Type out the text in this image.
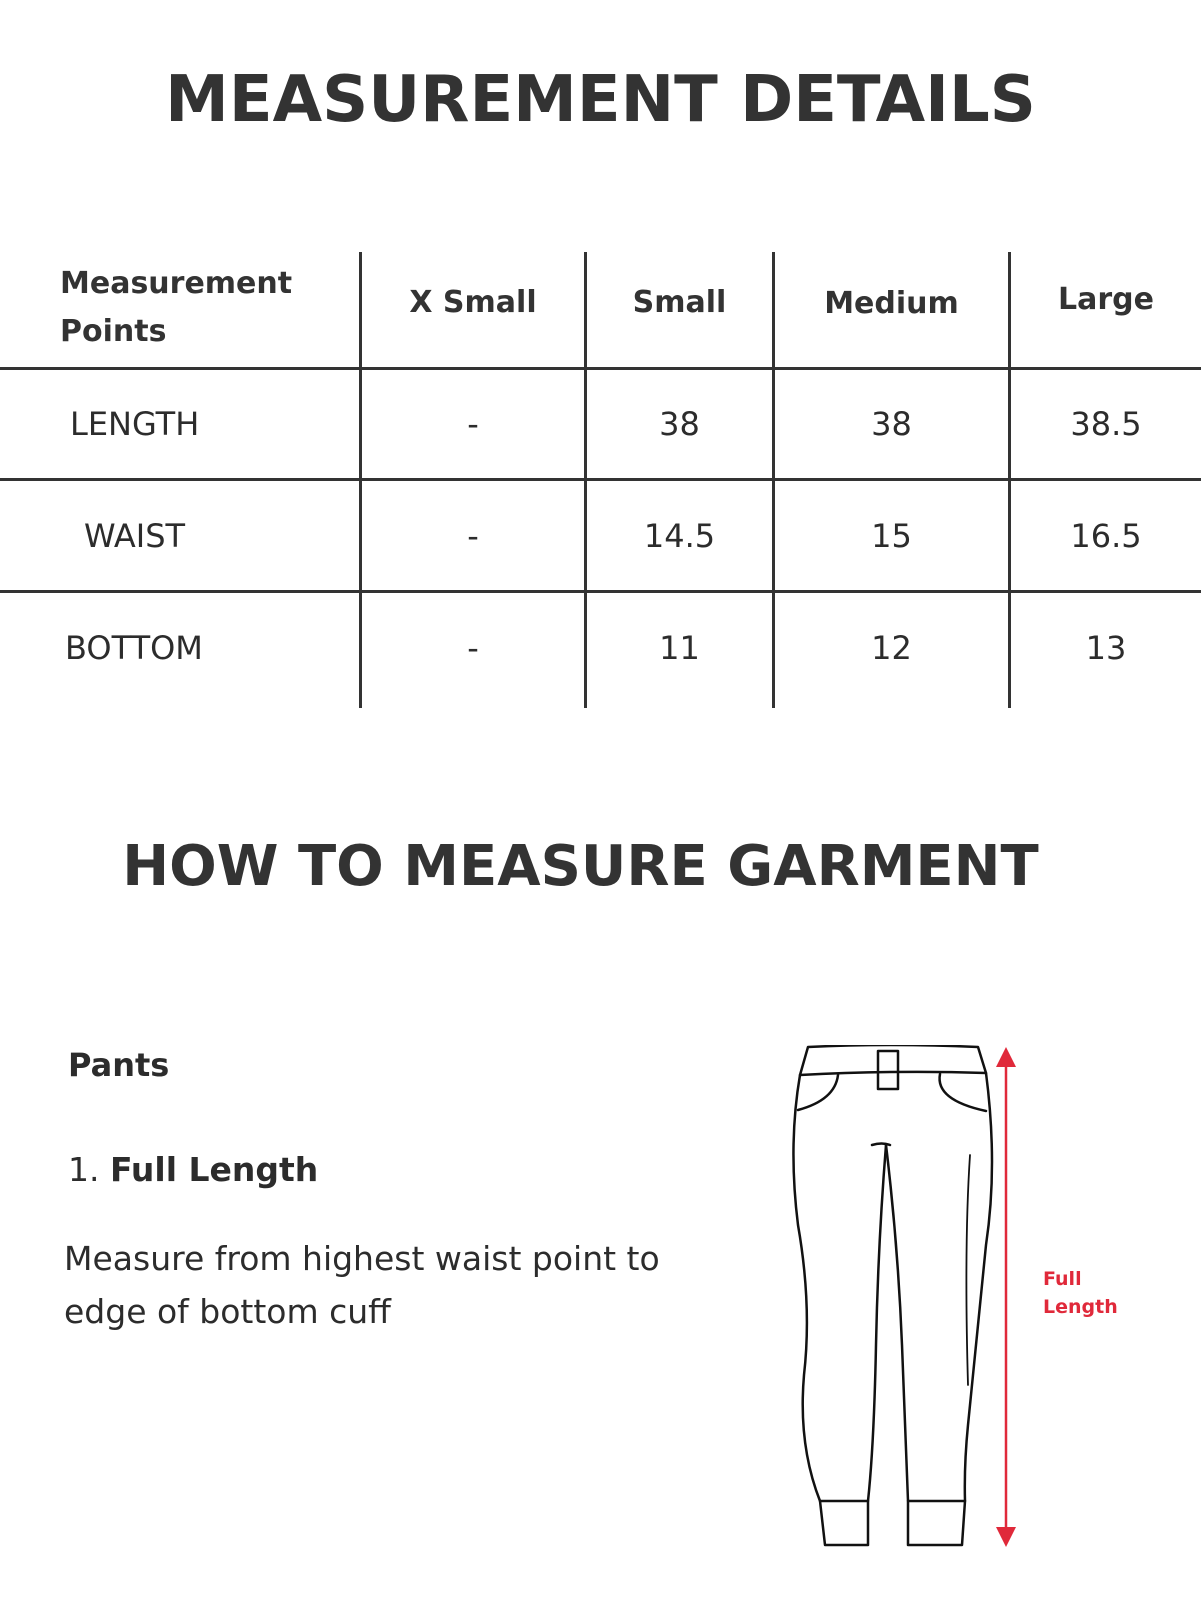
MEASUREMENT DETAILS
Measurement
Points
X Small	Small	Medium	Large
LENGTH	-	38	38	38.5
WAIST	-	14.5	15	16.5
BOTTOM	-	11	12	13
HOW TO MEASURE GARMENT
Pants

1. Full Length

Measure from highest waist point to edge of bottom cuff

Full
Length
